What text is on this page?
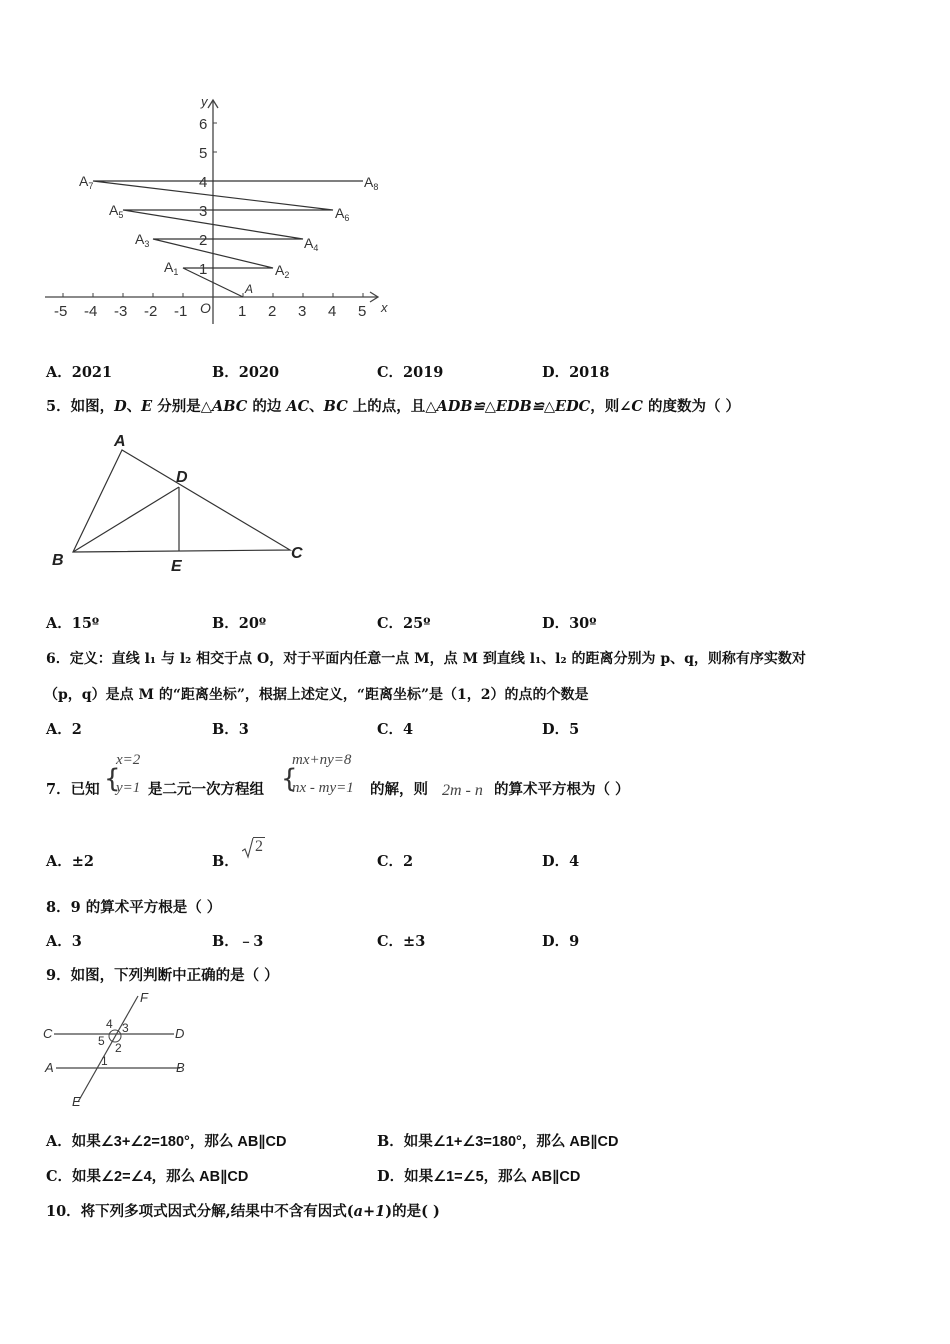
-5 -4 -3 -2 -1	1 2 3 4 5
1
2
3
4
5
6
x
y
O
A
$A_1$	$A_2$
$A_3$	$A_4$
$A_5$	$A_6$
$A_7$	$A_8$
A．2021	B．2020	C．2019	D．2018
5．如图，D、E 分别是△ABC 的边 AC、BC 上的点，且△ADB≌△EDB≌△EDC，则∠C 的度数为（ ）
A
B	C
D
E
A．15º	B．20º	C．25º	D．30º
6．定义：直线 l₁ 与 l₂ 相交于点 O，对于平面内任意一点 M，点 M 到直线 l₁、l₂ 的距离分别为 p、q，则称有序实数对
（p，q）是点 M 的“距离坐标”，根据上述定义，“距离坐标”是（1，2）的点的个数是
A．2	B．3	C．4	D．5
7．已知 {
x=2
y=1 是二元一次方程组 {
mx+ny=8
nx - my=1 的解，则 2m - n 的算术平方根为（ ）
A．±2	B．
2
C．2	D．4
8．9 的算术平方根是（ ）
A．3	B．﹣3	C．±3	D．9
9．如图，下列判断中正确的是（ ）
C	D
A	B
E
F
4 3
5 2
1
A．如果∠3+∠2=180°，那么 AB∥CD	B．如果∠1+∠3=180°，那么 AB∥CD
C．如果∠2=∠4，那么 AB∥CD	D．如果∠1=∠5，那么 AB∥CD
10．将下列多项式因式分解,结果中不含有因式(a+1)的是( )
